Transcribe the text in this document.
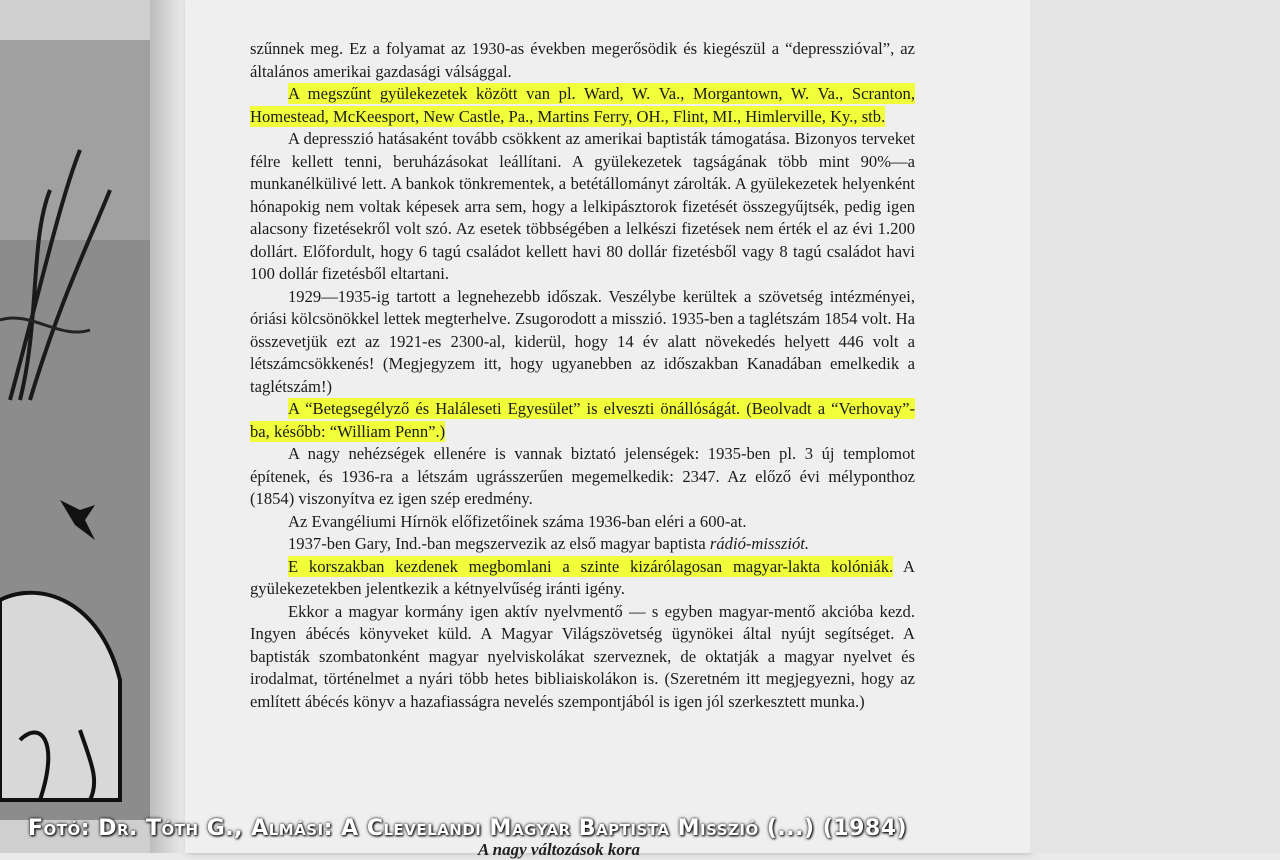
szűnnek meg. Ez a folyamat az 1930-as években megerősödik és kiegészül a “depresszióval”, az általános amerikai gazdasági válsággal.

A megszűnt gyülekezetek között van pl. Ward, W. Va., Morgantown, W. Va., Scranton, Homestead, McKeesport, New Castle, Pa., Martins Ferry, OH., Flint, MI., Himlerville, Ky., stb.

A depresszió hatásaként tovább csökkent az amerikai baptisták támogatása. Bizonyos terveket félre kellett tenni, beruházásokat leállítani. A gyülekezetek tagságának több mint 90%—a munkanélkülivé lett. A bankok tönkrementek, a betétállományt zárolták. A gyülekezetek helyenként hónapokig nem voltak képesek arra sem, hogy a lelkipásztorok fizetését összegyűjtsék, pedig igen alacsony fizetésekről volt szó. Az esetek többségében a lelkészi fizetések nem érték el az évi 1.200 dollárt. Előfordult, hogy 6 tagú családot kellett havi 80 dollár fizetésből vagy 8 tagú családot havi 100 dollár fizetésből eltartani.

1929—1935-ig tartott a legnehezebb időszak. Veszélybe kerültek a szövetség intézményei, óriási kölcsönökkel lettek megterhelve. Zsugorodott a misszió. 1935-ben a taglétszám 1854 volt. Ha összevetjük ezt az 1921-es 2300-al, kiderül, hogy 14 év alatt növekedés helyett 446 volt a létszámcsökkenés! (Megjegyzem itt, hogy ugyanebben az időszakban Kanadában emelkedik a taglétszám!)

A “Betegsegélyző és Haláleseti Egyesület” is elveszti önállóságát. (Beolvadt a “Verhovay”-ba, később: “William Penn”.)

A nagy nehézségek ellenére is vannak biztató jelenségek: 1935-ben pl. 3 új templomot építenek, és 1936-ra a létszám ugrásszerűen megemelkedik: 2347. Az előző évi mélyponthoz (1854) viszonyítva ez igen szép eredmény.

Az Evangéliumi Hírnök előfizetőinek száma 1936-ban eléri a 600-at.

1937-ben Gary, Ind.-ban megszervezik az első magyar baptista rádió-missziót.

E korszakban kezdenek megbomlani a szinte kizárólagosan magyar-lakta kolóniák. A gyülekezetekben jelentkezik a kétnyelvűség iránti igény.

Ekkor a magyar kormány igen aktív nyelvmentő — s egyben magyar-mentő akcióba kezd. Ingyen ábécés könyveket küld. A Magyar Világszövetség ügynökei által nyújt segítséget. A baptisták szombatonként magyar nyelviskolákat szerveznek, de oktatják a magyar nyelvet és irodalmat, történelmet a nyári több hetes bibliaiskolákon is. (Szeretném itt megjegyezni, hogy az említett ábécés könyv a hazafiasságra nevelés szempontjából is igen jól szerkesztett munka.)

A nagy változások kora
Fotó: Dr. Tóth G., Almási: A Clevelandi Magyar Baptista Misszió (...) (1984)
